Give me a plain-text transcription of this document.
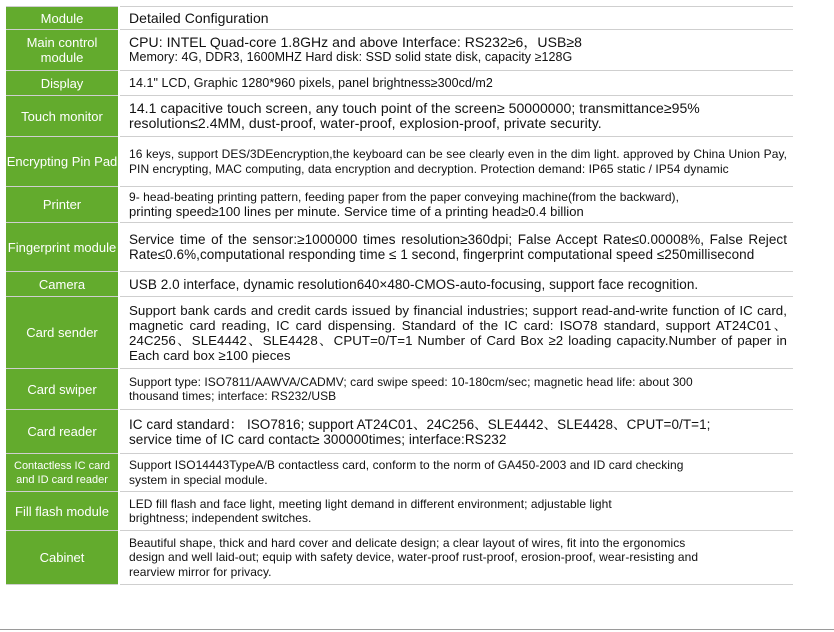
Module	Detailed Configuration
Main control module	CPU: INTEL Quad-core 1.8GHz and above Interface: RS232≥6，USB≥8
Memory: 4G, DDR3, 1600MHZ Hard disk: SSD solid state disk, capacity ≥128G

Display	14.1" LCD, Graphic 1280*960 pixels, panel brightness≥300cd/m2

Touch monitor	14.1 capacitive touch screen, any touch point of the screen≥ 50000000; transmittance≥95%
resolution≤2.4MM, dust-proof, water-proof, explosion-proof, private security.

Encrypting Pin Pad	16 keys, support DES/3DEencryption,the keyboard can be see clearly even in the dim light. approved by China Union Pay, PIN encrypting, MAC computing, data encryption and decryption. Protection demand: IP65 static / IP54 dynamic

Printer	9- head-beating printing pattern, feeding paper from the paper conveying machine(from the backward),
printing speed≥100 lines per minute. Service time of a printing head≥0.4 billion

Fingerprint module	Service time of the sensor:≥1000000 times resolution≥360dpi; False Accept Rate≤0.00008%, False Reject Rate≤0.6%,computational responding time ≤ 1 second, fingerprint computational speed ≤250millisecond

Camera	USB 2.0 interface, dynamic resolution640×480-CMOS-auto-focusing, support face recognition.

Card sender	Support bank cards and credit cards issued by financial industries; support read-and-write function of IC card, magnetic card reading, IC card dispensing. Standard of the IC card: ISO78 standard, support AT24C01、24C256、SLE4442、SLE4428、CPUT=0/T=1 Number of Card Box ≥2 loading capacity.Number of paper in Each card box ≥100 pieces

Card swiper	Support type: ISO7811/AAWVA/CADMV; card swipe speed: 10-180cm/sec; magnetic head life: about 300
thousand times; interface: RS232/USB

Card reader	IC card standard： ISO7816; support AT24C01、24C256、SLE4442、SLE4428、CPUT=0/T=1;
service time of IC card contact≥ 300000times; interface:RS232

Contactless IC card and ID card reader	Support ISO14443TypeA/B contactless card, conform to the norm of GA450-2003 and ID card checking
system in special module.

Fill flash module	LED fill flash and face light, meeting light demand in different environment; adjustable light
brightness; independent switches.

Cabinet	Beautiful shape, thick and hard cover and delicate design; a clear layout of wires, fit into the ergonomics
design and well laid-out; equip with safety device, water-proof rust-proof, erosion-proof, wear-resisting and
rearview mirror for privacy.
